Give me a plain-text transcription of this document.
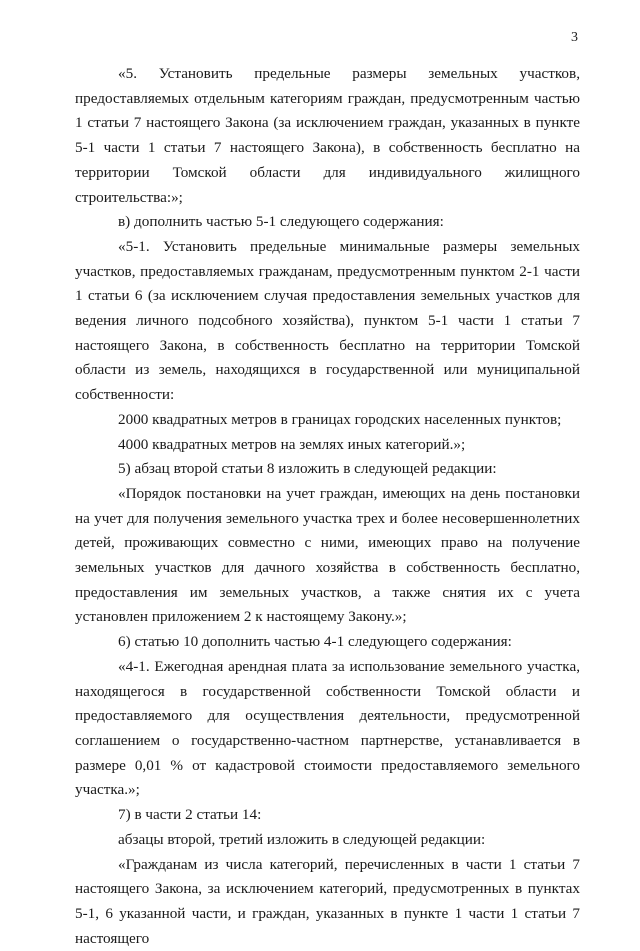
3

«5. Установить предельные размеры земельных участков, предоставляемых отдельным категориям граждан, предусмотренным частью 1 статьи 7 настоящего Закона (за исключением граждан, указанных в пункте 5-1 части 1 статьи 7 настоящего Закона), в собственность бесплатно на территории Томской области для индивидуального жилищного строительства:»;

в) дополнить частью 5-1 следующего содержания:

«5-1. Установить предельные минимальные размеры земельных участков, предоставляемых гражданам, предусмотренным пунктом 2-1 части 1 статьи 6 (за исключением случая предоставления земельных участков для ведения личного подсобного хозяйства), пунктом 5-1 части 1 статьи 7 настоящего Закона, в собственность бесплатно на территории Томской области из земель, находящихся в государственной или муниципальной собственности:

2000 квадратных метров в границах городских населенных пунктов;

4000 квадратных метров на землях иных категорий.»;

5) абзац второй статьи 8 изложить в следующей редакции:

«Порядок постановки на учет граждан, имеющих на день постановки на учет для получения земельного участка трех и более несовершеннолетних детей, проживающих совместно с ними, имеющих право на получение земельных участков для дачного хозяйства в собственность бесплатно, предоставления им земельных участков, а также снятия их с учета установлен приложением 2 к настоящему Закону.»;

6) статью 10 дополнить частью 4-1 следующего содержания:

«4-1. Ежегодная арендная плата за использование земельного участка, находящегося в государственной собственности Томской области и предоставляемого для осуществления деятельности, предусмотренной соглашением о государственно-частном партнерстве, устанавливается в размере 0,01 % от кадастровой стоимости предоставляемого земельного участка.»;

7) в части 2 статьи 14:

абзацы второй, третий изложить в следующей редакции:

«Гражданам из числа категорий, перечисленных в части 1 статьи 7 настоящего Закона, за исключением категорий, предусмотренных в пунктах 5-1, 6 указанной части, и граждан, указанных в пункте 1 части 1 статьи 7 настоящего
